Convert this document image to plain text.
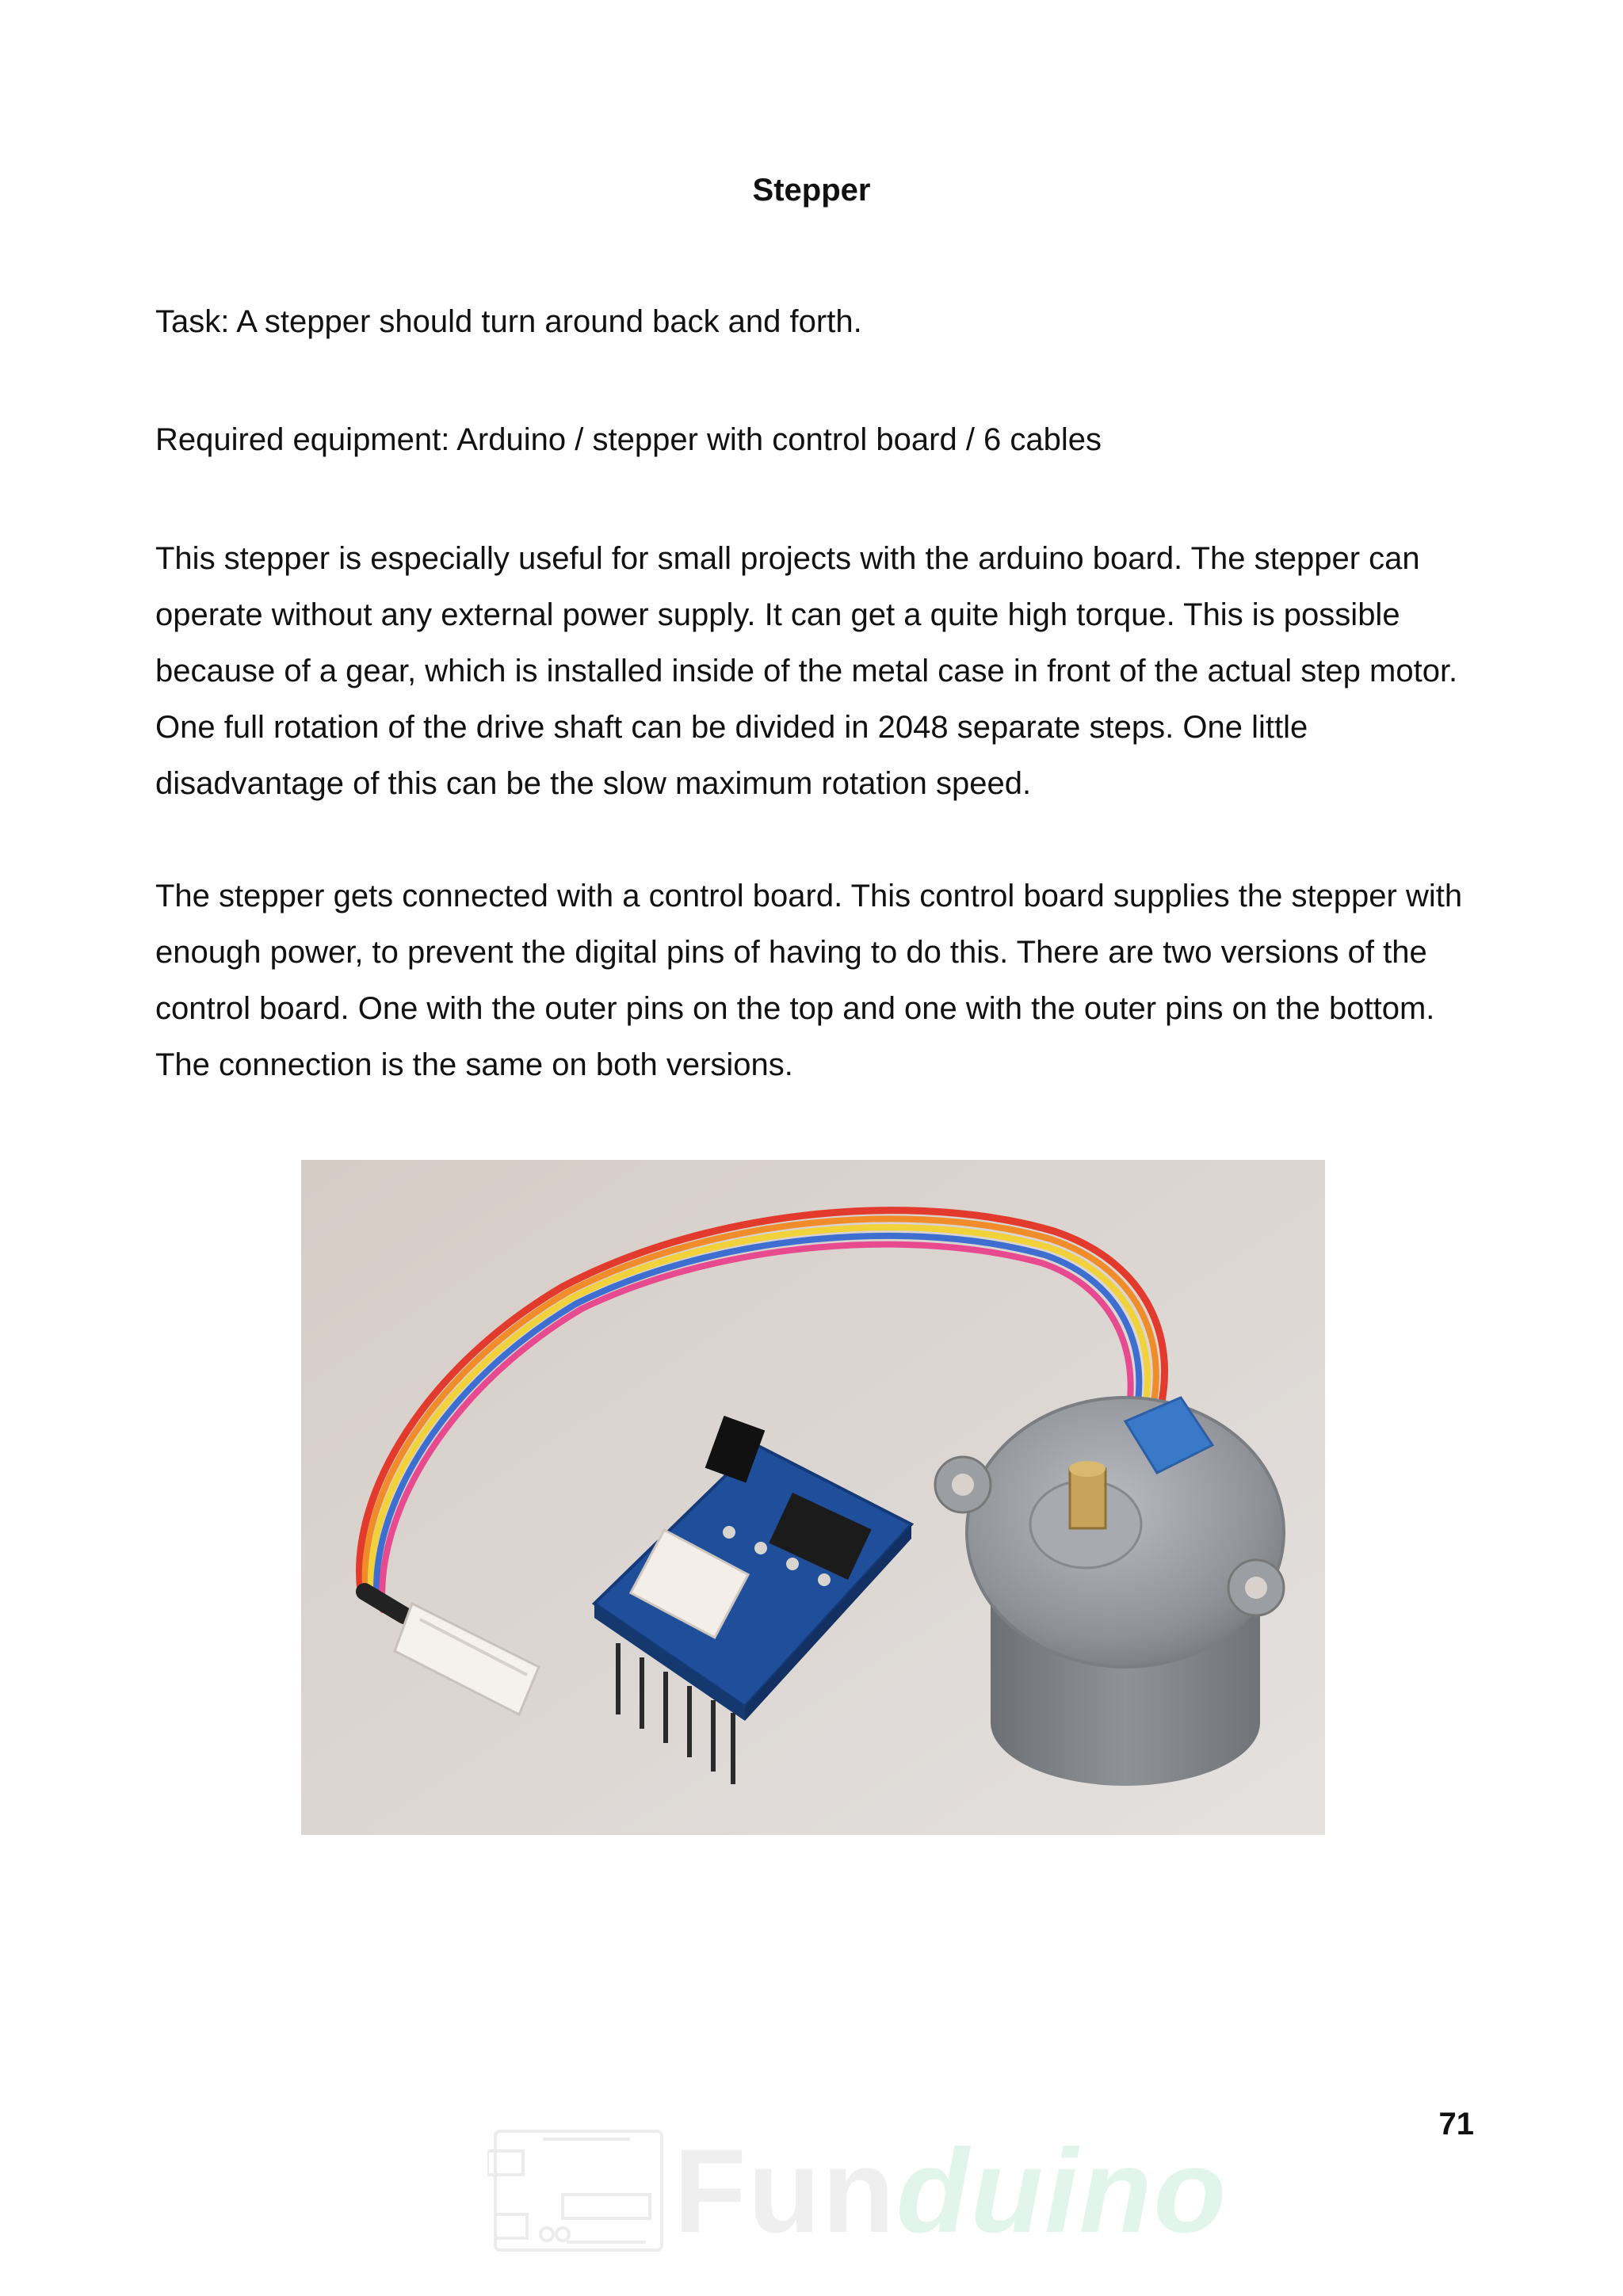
Stepper

Task: A stepper should turn around back and forth.

Required equipment: Arduino / stepper with control board / 6 cables

This stepper is especially useful for small projects with the arduino board. The stepper can operate without any external power supply. It can get a quite high torque. This is possible because of a gear, which is installed inside of the metal case in front of the actual step motor. One full rotation of the drive shaft can be divided in 2048 separate steps. One little disadvantage of this can be the slow maximum rotation speed.

The stepper gets connected with a control board. This control board supplies the stepper with enough power, to prevent the digital pins of having to do this. There are two versions of the control board. One with the outer pins on the top and one with the outer pins on the bottom. The connection is the same on both versions.

71
Funduino
